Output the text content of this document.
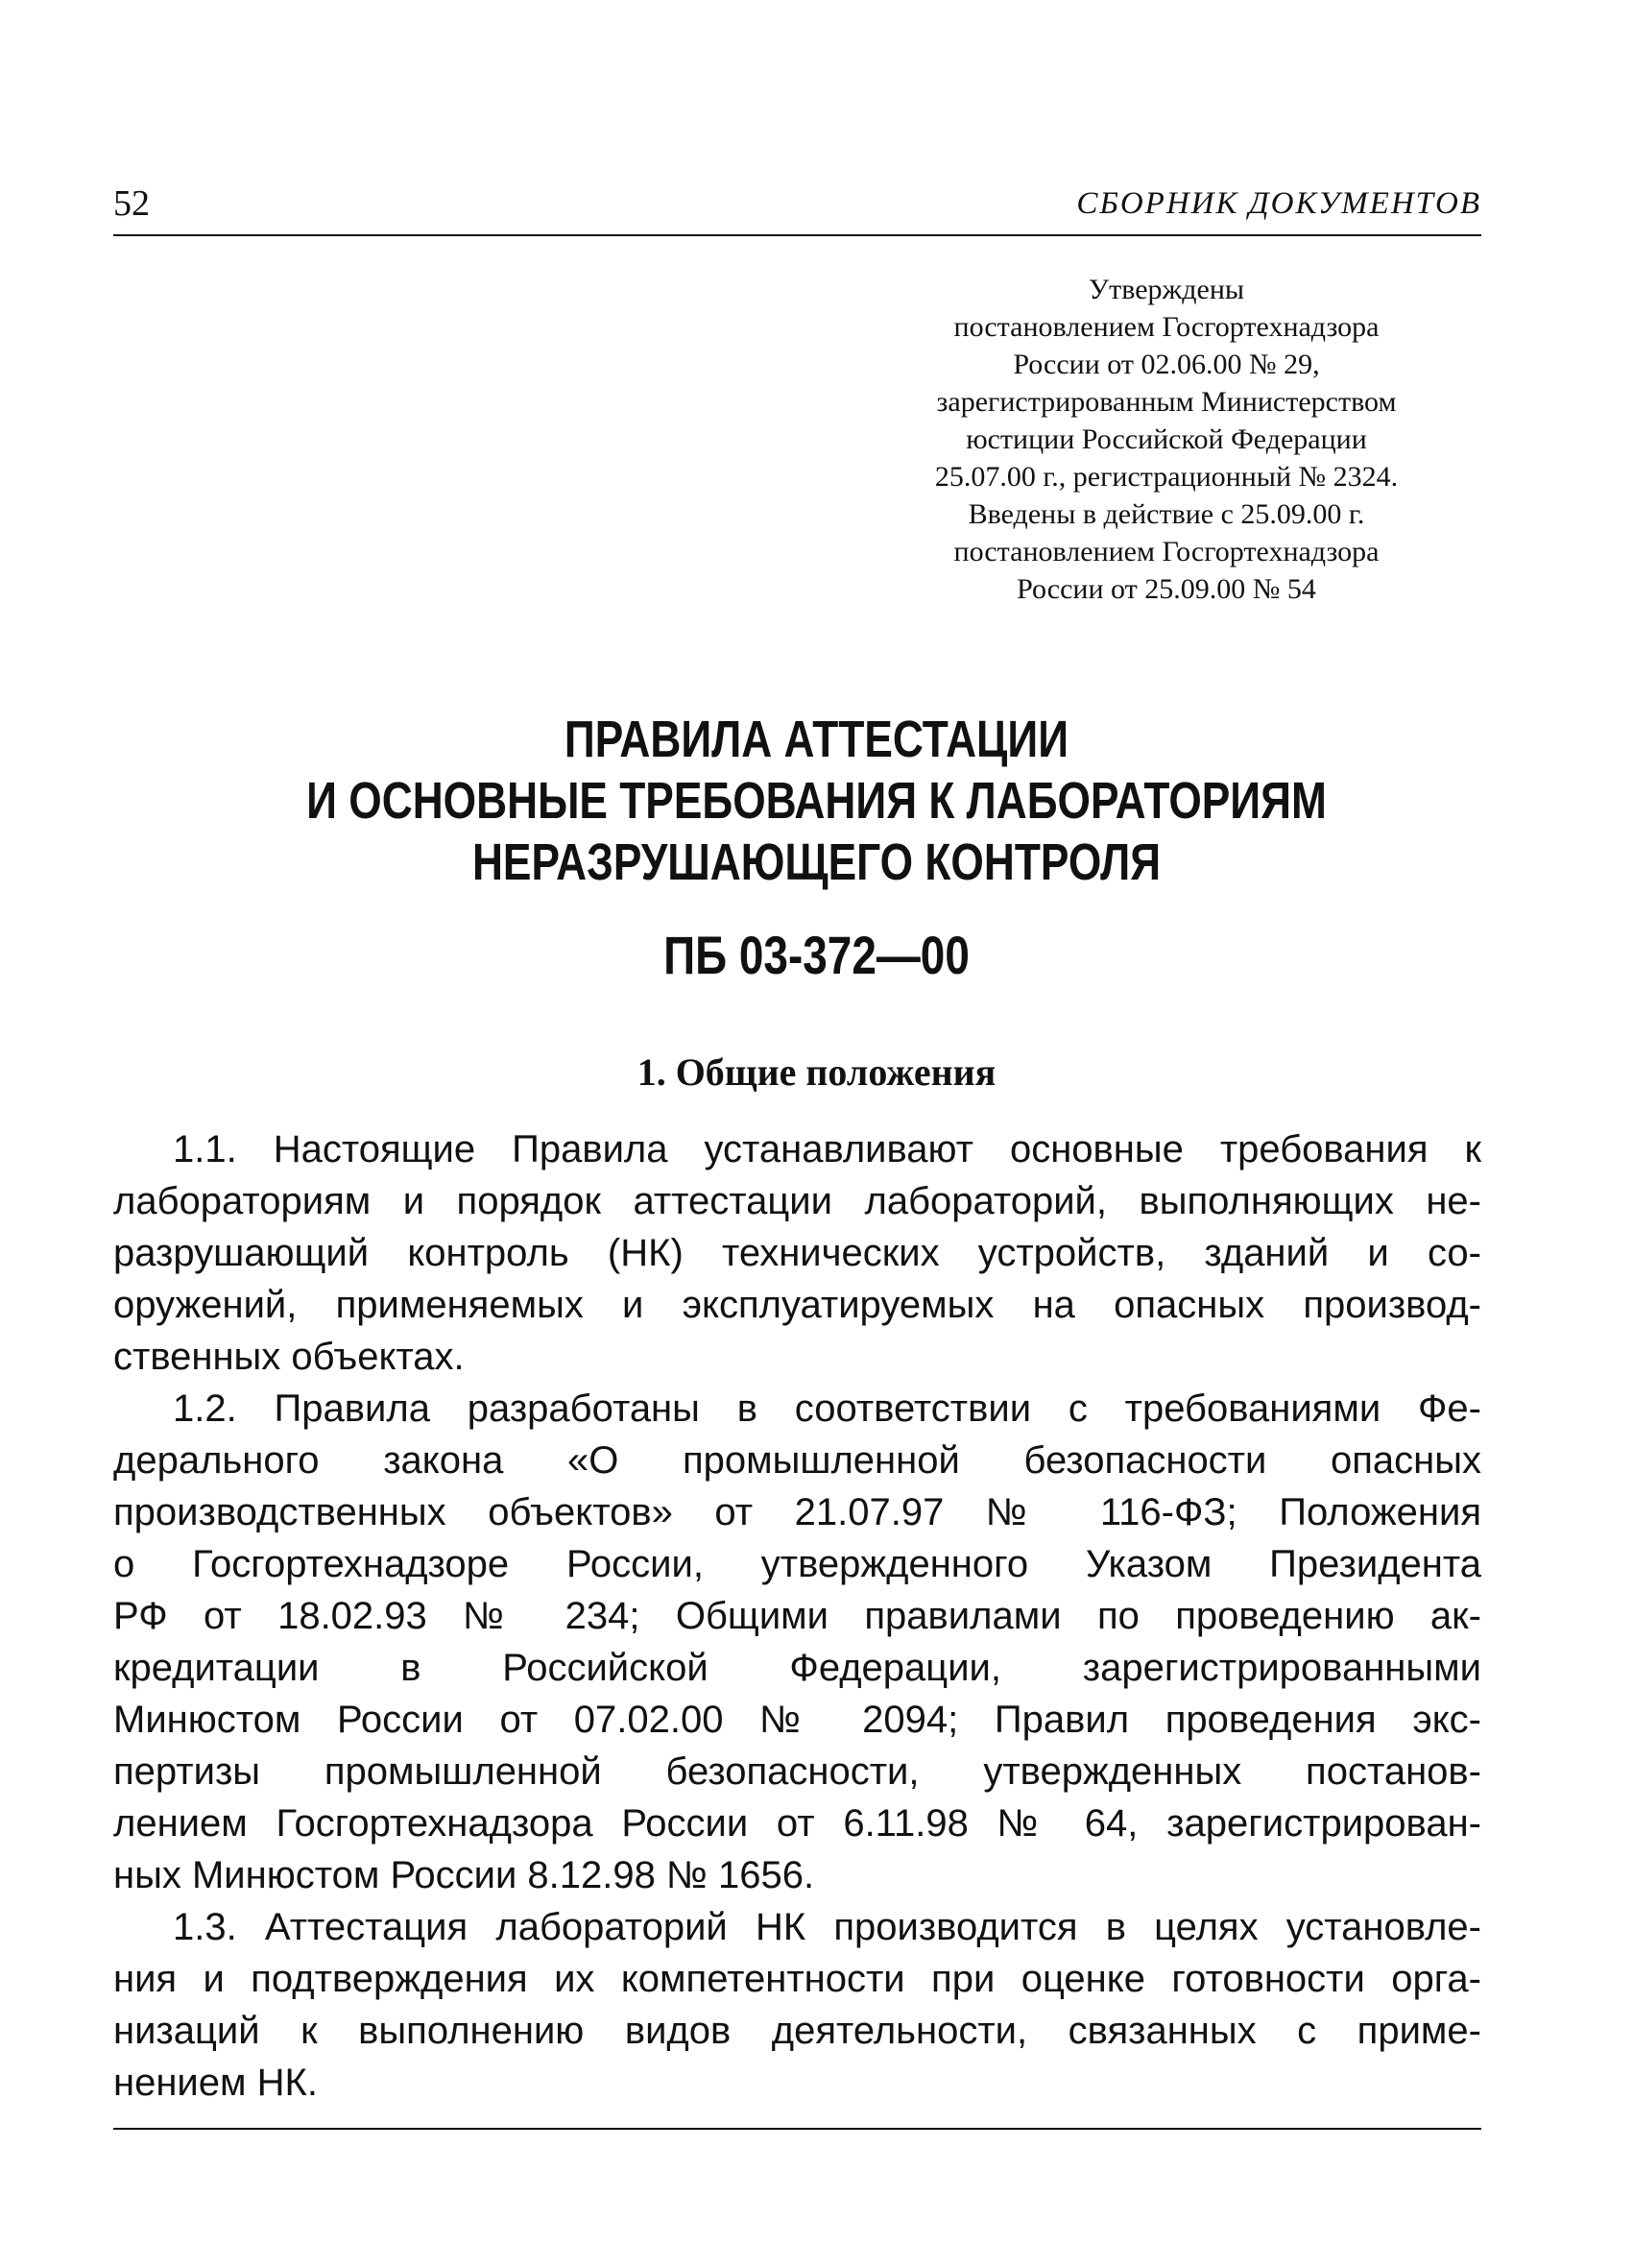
52	СБОРНИК ДОКУМЕНТОВ
Утверждены
постановлением Госгортехнадзора
России от 02.06.00 № 29,
зарегистрированным Министерством
юстиции Российской Федерации
25.07.00 г., регистрационный № 2324.
Введены в действие с 25.09.00 г.
постановлением Госгортехнадзора
России от 25.09.00 № 54
ПРАВИЛА АТТЕСТАЦИИ
И ОСНОВНЫЕ ТРЕБОВАНИЯ К ЛАБОРАТОРИЯМ
НЕРАЗРУШАЮЩЕГО КОНТРОЛЯ
ПБ 03-372—00
1. Общие положения
1.1. Настоящие Правила устанавливают основные требования к
лабораториям и порядок аттестации лабораторий, выполняющих не-
разрушающий контроль (НК) технических устройств, зданий и со-
оружений, применяемых и эксплуатируемых на опасных производ-
ственных объектах.
1.2. Правила разработаны в соответствии с требованиями Фе-
дерального закона «О промышленной безопасности опасных
производственных объектов» от 21.07.97 № 116-ФЗ; Положения
о Госгортехнадзоре России, утвержденного Указом Президента
РФ от 18.02.93 № 234; Общими правилами по проведению ак-
кредитации в Российской Федерации, зарегистрированными
Минюстом России от 07.02.00 № 2094; Правил проведения экс-
пертизы промышленной безопасности, утвержденных постанов-
лением Госгортехнадзора России от 6.11.98 № 64, зарегистрирован-
ных Минюстом России 8.12.98 № 1656.
1.3. Аттестация лабораторий НК производится в целях установле-
ния и подтверждения их компетентности при оценке готовности орга-
низаций к выполнению видов деятельности, связанных с приме-
нением НК.
